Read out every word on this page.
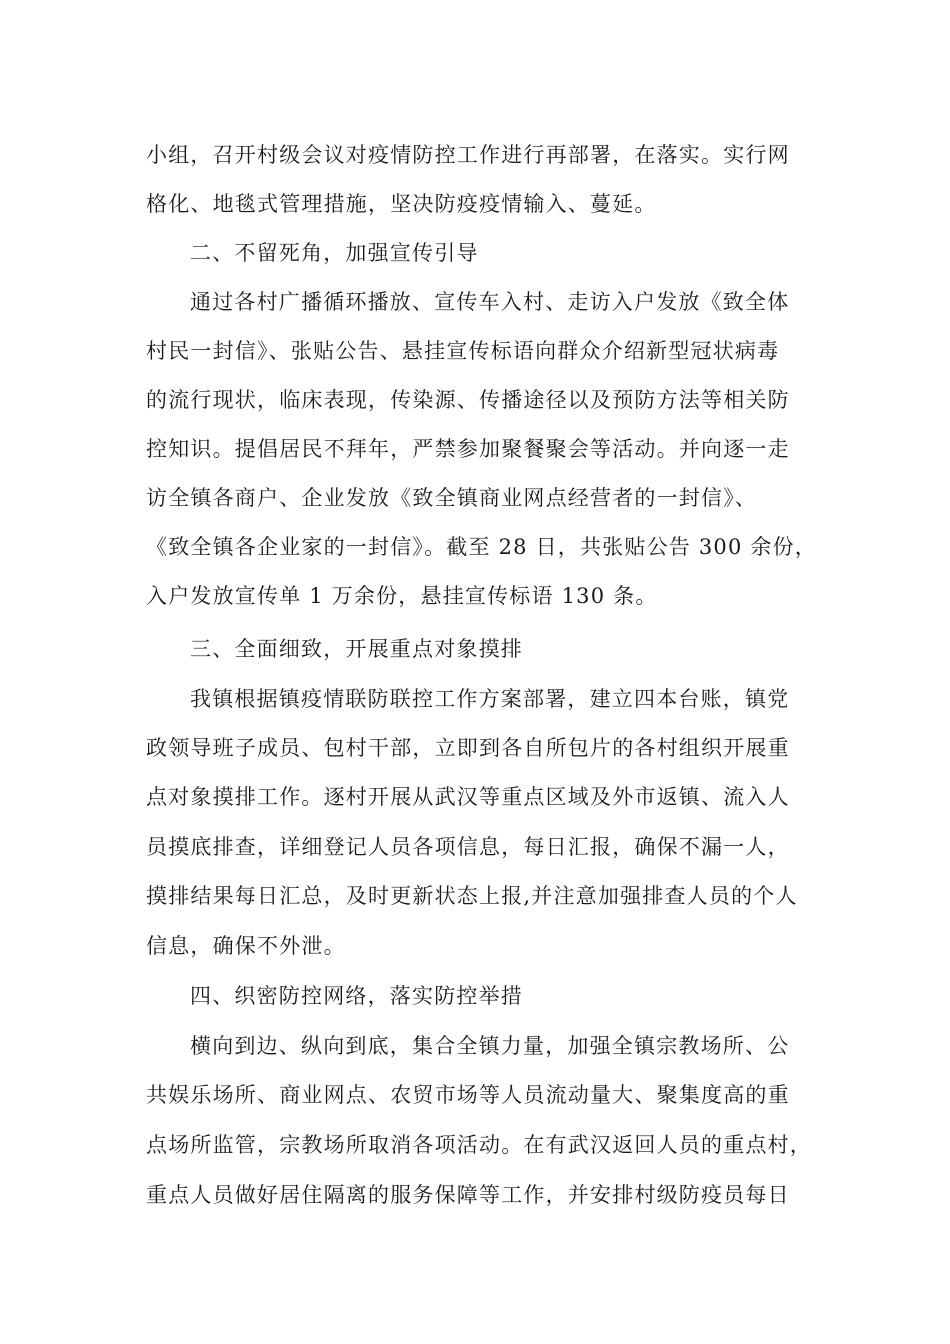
小组，召开村级会议对疫情防控工作进行再部署，在落实。实行网
格化、地毯式管理措施，坚决防疫疫情输入、蔓延。
二、不留死角，加强宣传引导
通过各村广播循环播放、宣传车入村、走访入户发放《致全体
村民一封信》、张贴公告、悬挂宣传标语向群众介绍新型冠状病毒
的流行现状，临床表现，传染源、传播途径以及预防方法等相关防
控知识。提倡居民不拜年，严禁参加聚餐聚会等活动。并向逐一走
访全镇各商户、企业发放《致全镇商业网点经营者的一封信》、
《致全镇各企业家的一封信》。截至 28 日，共张贴公告 300 余份，
入户发放宣传单 1 万余份，悬挂宣传标语 130 条。
三、全面细致，开展重点对象摸排
我镇根据镇疫情联防联控工作方案部署，建立四本台账，镇党
政领导班子成员、包村干部，立即到各自所包片的各村组织开展重
点对象摸排工作。逐村开展从武汉等重点区域及外市返镇、流入人
员摸底排查，详细登记人员各项信息，每日汇报，确保不漏一人，
摸排结果每日汇总，及时更新状态上报,并注意加强排查人员的个人
信息，确保不外泄。
四、织密防控网络，落实防控举措
横向到边、纵向到底，集合全镇力量，加强全镇宗教场所、公
共娱乐场所、商业网点、农贸市场等人员流动量大、聚集度高的重
点场所监管，宗教场所取消各项活动。在有武汉返回人员的重点村，
重点人员做好居住隔离的服务保障等工作，并安排村级防疫员每日
